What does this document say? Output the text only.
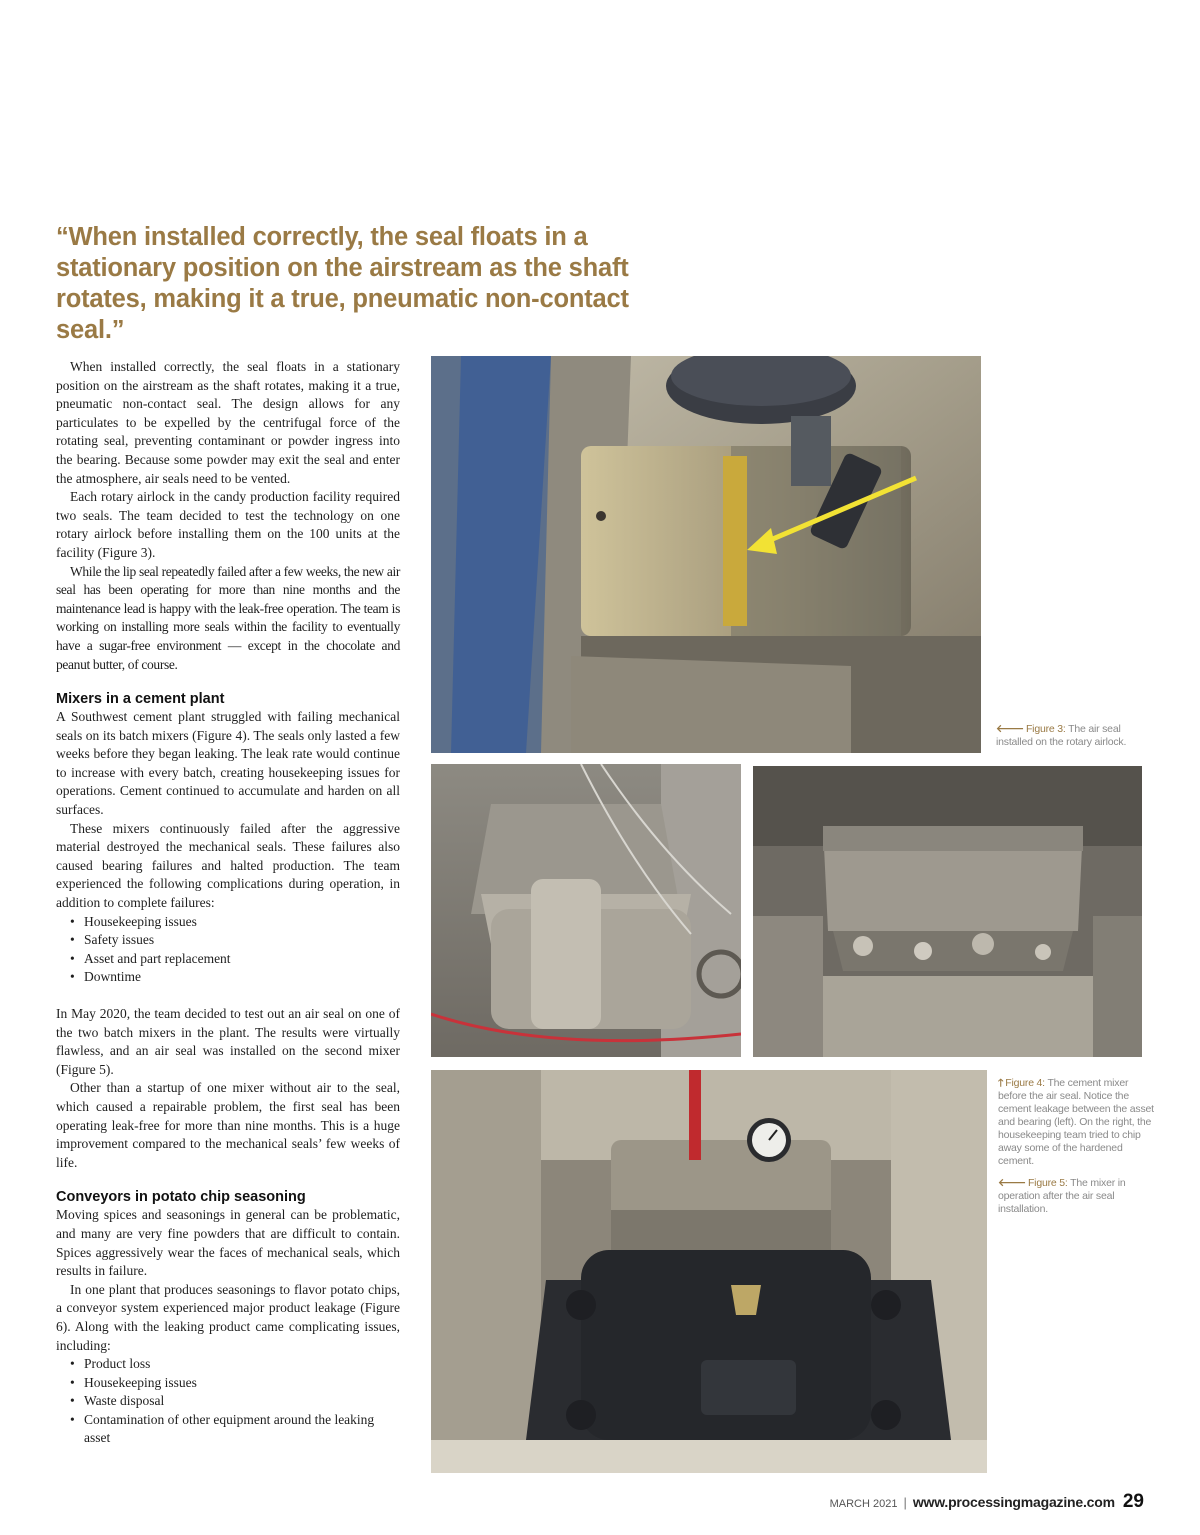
“When installed correctly, the seal floats in a stationary position on the airstream as the shaft rotates, making it a true, pneumatic non-contact seal.”

When installed correctly, the seal floats in a stationary position on the airstream as the shaft rotates, making it a true, pneumatic non-contact seal. The design allows for any particulates to be expelled by the centrifugal force of the rotating seal, preventing contaminant or powder ingress into the bearing. Because some powder may exit the seal and enter the atmosphere, air seals need to be vented.

Each rotary airlock in the candy production facility required two seals. The team decided to test the technology on one rotary airlock before installing them on the 100 units at the facility (Figure 3).

While the lip seal repeatedly failed after a few weeks, the new air seal has been operating for more than nine months and the maintenance lead is happy with the leak-free operation. The team is working on installing more seals within the facility to eventually have a sugar-free environment — except in the chocolate and peanut butter, of course.

Mixers in a cement plant

A Southwest cement plant struggled with failing mechanical seals on its batch mixers (Figure 4). The seals only lasted a few weeks before they began leaking. The leak rate would continue to increase with every batch, creating housekeeping issues for operations. Cement continued to accumulate and harden on all surfaces.

These mixers continuously failed after the aggressive material destroyed the mechanical seals. These failures also caused bearing failures and halted production. The team experienced the following complications during operation, in addition to complete failures:

• Housekeeping issues
• Safety issues
• Asset and part replacement
• Downtime

In May 2020, the team decided to test out an air seal on one of the two batch mixers in the plant. The results were virtually flawless, and an air seal was installed on the second mixer (Figure 5).

Other than a startup of one mixer without air to the seal, which caused a repairable problem, the first seal has been operating leak-free for more than nine months. This is a huge improvement compared to the mechanical seals’ few weeks of life.

Conveyors in potato chip seasoning

Moving spices and seasonings in general can be problematic, and many are very fine powders that are difficult to contain. Spices aggressively wear the faces of mechanical seals, which results in failure.

In one plant that produces seasonings to flavor potato chips, a conveyor system experienced major product leakage (Figure 6). Along with the leaking product came complicating issues, including:

• Product loss
• Housekeeping issues
• Waste disposal
• Contamination of other equipment around the leaking asset
🡐 Figure 3: The air seal installed on the rotary airlock.
🡑 Figure 4: The cement mixer before the air seal. Notice the cement leakage between the asset and bearing (left). On the right, the housekeeping team tried to chip away some of the hardened cement.
🡐 Figure 5: The mixer in operation after the air seal installation.
MARCH 2021 | www.processingmagazine.com 29
